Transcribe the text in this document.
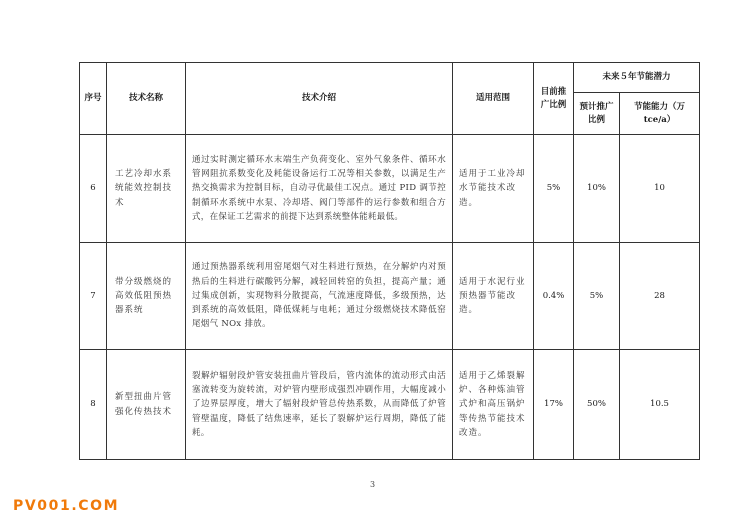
序号	技术名称	技术介绍	适用范围	目前推广比例	未来５年节能潜力	
					预计推广比例	节能能力（万 tce/a）
6	工艺冷却水系统能效控制技术	通过实时测定循环水末端生产负荷变化、室外气象条件、循环水管网阻抗系数变化及耗能设备运行工况等相关参数，以满足生产热交换需求为控制目标，自动寻优最佳工况点。通过 PID 调节控制循环水系统中水泵、冷却塔、阀门等部件的运行参数和组合方式，在保证工艺需求的前提下达到系统整体能耗最低。	适用于工业冷却水节能技术改造。	5%	10%	10
7	带分级燃烧的高效低阻预热器系统	通过预热器系统利用窑尾烟气对生料进行预热，在分解炉内对预热后的生料进行碳酸钙分解，减轻回转窑的负担，提高产量；通过集成创新，实现物料分散提高，气流速度降低，多级预热，达到系统的高效低阻，降低煤耗与电耗；通过分级燃烧技术降低窑尾烟气 NOx 排放。	适用于水泥行业预热器节能改造。	0.4%	5%	28
8	新型扭曲片管强化传热技术	裂解炉辐射段炉管安装扭曲片管段后，管内流体的流动形式由活塞流转变为旋转流，对炉管内壁形成强烈冲刷作用，大幅度减小了边界层厚度，增大了辐射段炉管总传热系数，从而降低了炉管管壁温度，降低了结焦速率，延长了裂解炉运行周期，降低了能耗。	适用于乙烯裂解炉、各种炼油管式炉和高压锅炉等传热节能技术改造。	17%	50%	10.5
3
PV001.COM
